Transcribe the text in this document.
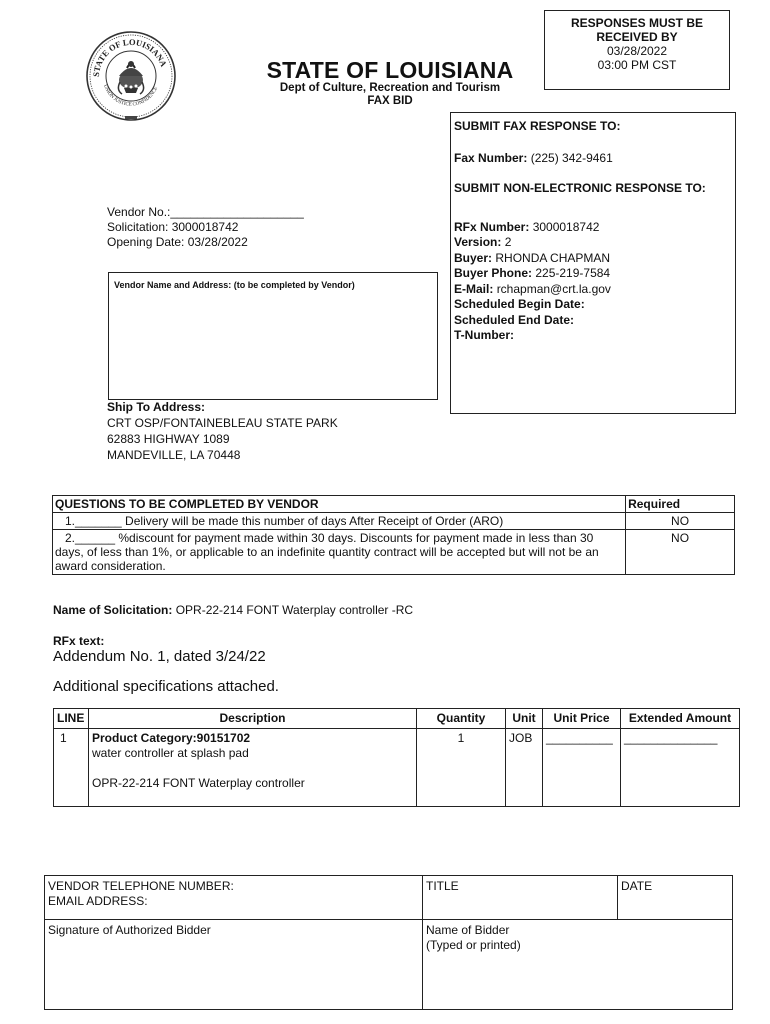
STATE OF LOUISIANA
UNION JUSTICE CONFIDENCE
STATE OF LOUISIANA
Dept of Culture, Recreation and Tourism
FAX BID
RESPONSES MUST BE
RECEIVED BY
03/28/2022
03:00 PM CST
Vendor No.:____________________
Solicitation: 3000018742
Opening Date: 03/28/2022
Vendor Name and Address: (to be completed by Vendor)
SUBMIT FAX RESPONSE TO:
Fax Number: (225) 342-9461
SUBMIT NON-ELECTRONIC RESPONSE TO:
RFx Number: 3000018742
Version: 2
Buyer: RHONDA CHAPMAN
Buyer Phone: 225-219-7584
E-Mail: rchapman@crt.la.gov
Scheduled Begin Date:
Scheduled End Date:
T-Number:
Ship To Address:
CRT OSP/FONTAINEBLEAU STATE PARK
62883 HIGHWAY 1089
MANDEVILLE, LA 70448
QUESTIONS TO BE COMPLETED BY VENDOR	Required
1._______ Delivery will be made this number of days After Receipt of Order (ARO)	NO
2.______ %discount for payment made within 30 days. Discounts for payment made in less than 30 days, of less than 1%, or applicable to an indefinite quantity contract will be accepted but will not be an award consideration.	NO
Name of Solicitation: OPR-22-214 FONT Waterplay controller -RC
RFx text:
Addendum No. 1, dated 3/24/22
Additional specifications attached.
LINE	Description	Quantity	Unit	Unit Price	Extended Amount
1	Product Category:90151702
water controller at splash pad
OPR-22-214 FONT Waterplay controller	1	JOB	__________	______________
VENDOR TELEPHONE NUMBER:
EMAIL ADDRESS:	TITLE	DATE
Signature of Authorized Bidder	Name of Bidder
(Typed or printed)	
